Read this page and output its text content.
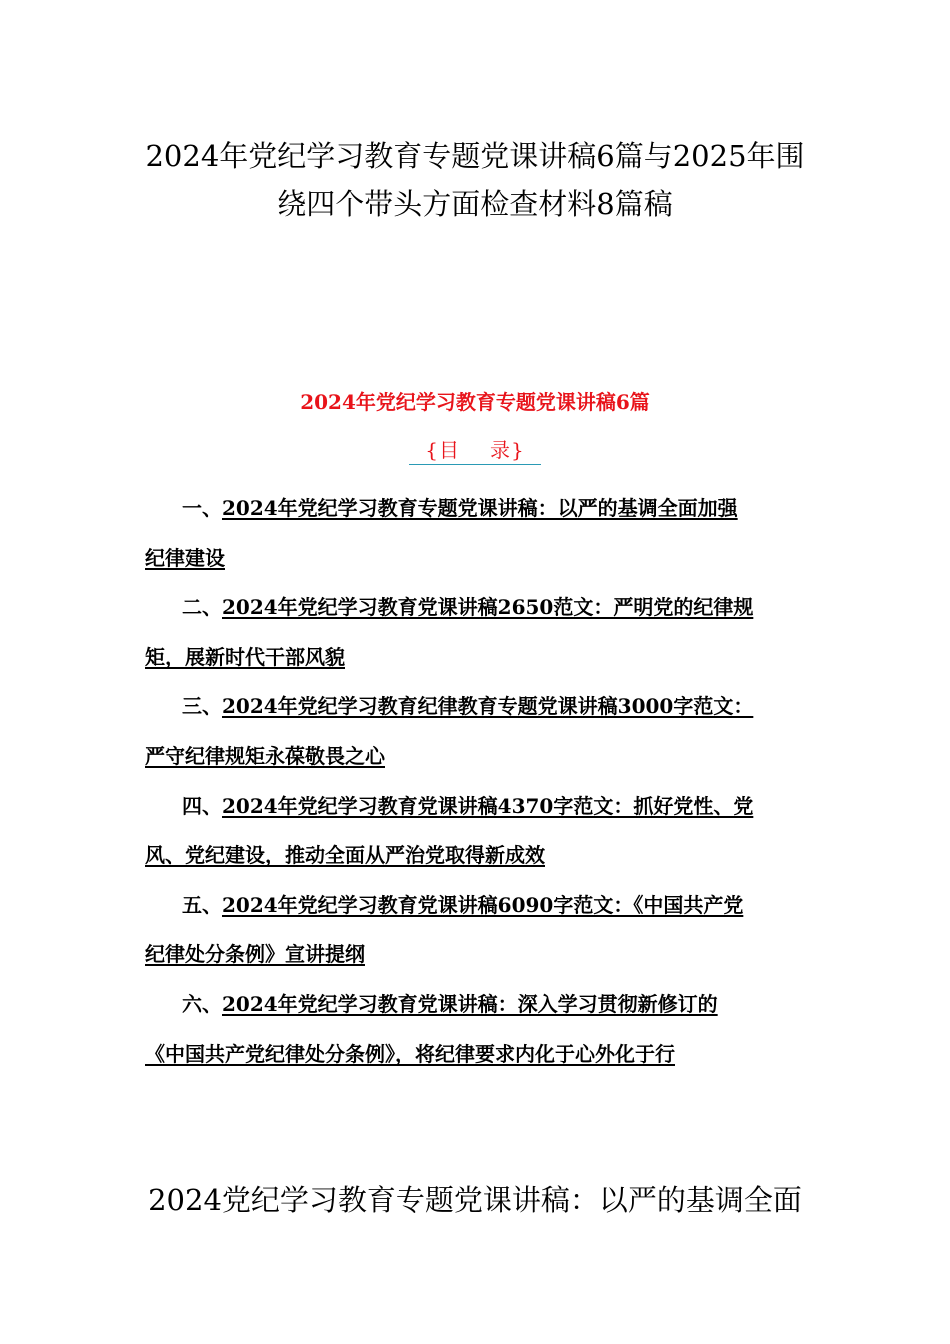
2024年党纪学习教育专题党课讲稿6篇与2025年围
绕四个带头方面检查材料8篇稿
2024年党纪学习教育专题党课讲稿6篇
{目 录}
一、2024年党纪学习教育专题党课讲稿：以严的基调全面加强
纪律建设
二、2024年党纪学习教育党课讲稿2650范文：严明党的纪律规
矩，展新时代干部风貌
三、2024年党纪学习教育纪律教育专题党课讲稿3000字范文：
严守纪律规矩永葆敬畏之心
四、2024年党纪学习教育党课讲稿4370字范文：抓好党性、党
风、党纪建设，推动全面从严治党取得新成效
五、2024年党纪学习教育党课讲稿6090字范文：《中国共产党
纪律处分条例》宣讲提纲
六、2024年党纪学习教育党课讲稿：深入学习贯彻新修订的
《中国共产党纪律处分条例》，将纪律要求内化于心外化于行
2024党纪学习教育专题党课讲稿：以严的基调全面
